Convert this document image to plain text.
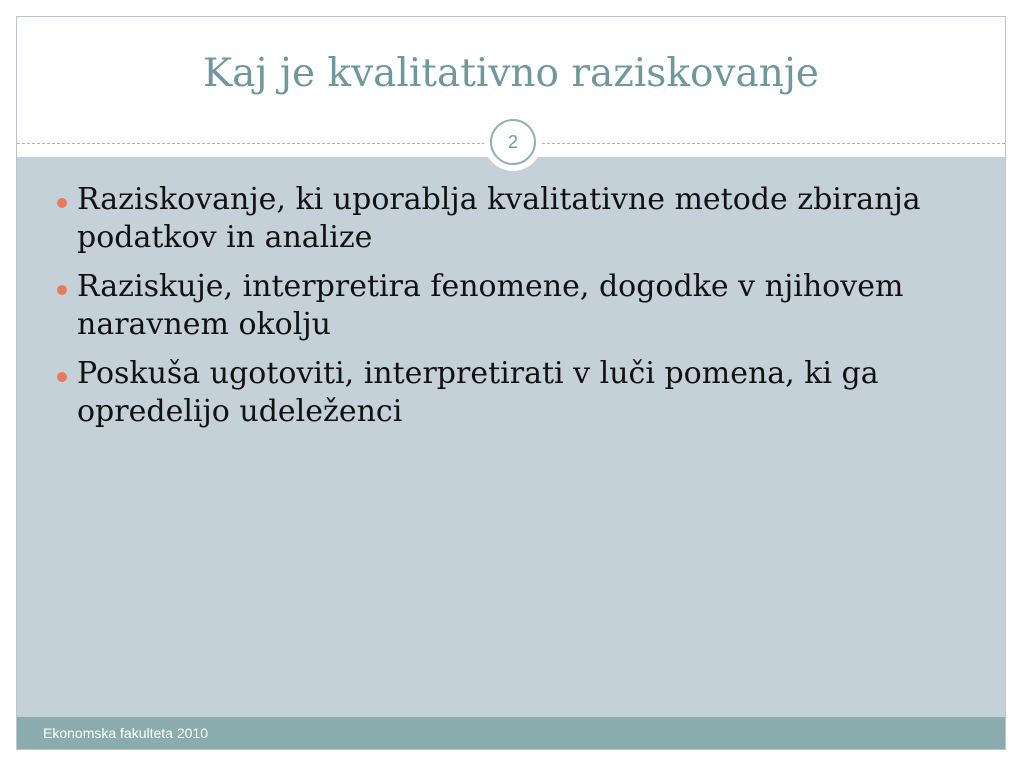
Kaj je kvalitativno raziskovanje
2
Raziskovanje, ki uporablja kvalitativne metode zbiranja podatkov in analize
Raziskuje, interpretira fenomene, dogodke v njihovem naravnem okolju
Poskuša ugotoviti, interpretirati v luči pomena, ki ga opredelijo udeleženci
Ekonomska fakulteta 2010
